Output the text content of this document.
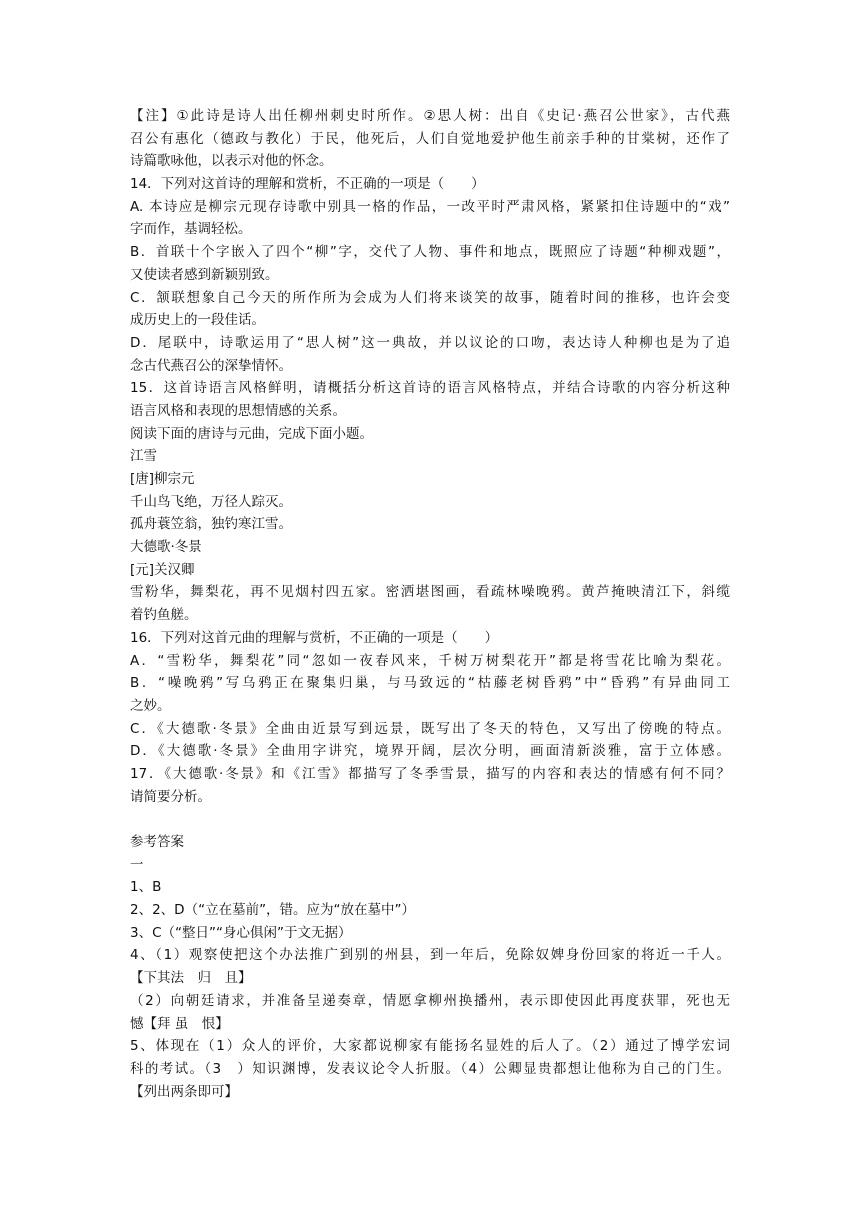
【注】①此诗是诗人出任柳州刺史时所作。②思人树：出自《史记·燕召公世家》，古代燕
召公有惠化（德政与教化）于民，他死后，人们自觉地爱护他生前亲手种的甘棠树，还作了
诗篇歌咏他，以表示对他的怀念。
14．下列对这首诗的理解和赏析，不正确的一项是（　　）
A. 本诗应是柳宗元现存诗歌中别具一格的作品，一改平时严肃风格，紧紧扣住诗题中的“戏”
字而作，基调轻松。
B．首联十个字嵌入了四个“柳”字，交代了人物、事件和地点，既照应了诗题“种柳戏题”，
又使读者感到新颖别致。
C．颔联想象自己今天的所作所为会成为人们将来谈笑的故事，随着时间的推移，也许会变
成历史上的一段佳话。
D．尾联中，诗歌运用了“思人树”这一典故，并以议论的口吻，表达诗人种柳也是为了追
念古代燕召公的深挚情怀。
15．这首诗语言风格鲜明，请概括分析这首诗的语言风格特点，并结合诗歌的内容分析这种
语言风格和表现的思想情感的关系。
阅读下面的唐诗与元曲，完成下面小题。
江雪
[唐]柳宗元
千山鸟飞绝，万径人踪灭。
孤舟蓑笠翁，独钓寒江雪。
大德歌·冬景
[元]关汉卿
雪粉华，舞梨花，再不见烟村四五家。密洒堪图画，看疏林噪晚鸦。黄芦掩映清江下，斜缆
着钓鱼艖。
16．下列对这首元曲的理解与赏析，不正确的一项是（　　）
A．“雪粉华，舞梨花”同“忽如一夜春风来，千树万树梨花开”都是将雪花比喻为梨花。
B．“噪晚鸦”写乌鸦正在聚集归巢，与马致远的“枯藤老树昏鸦”中“昏鸦”有异曲同工
之妙。
C．《大德歌·冬景》全曲由近景写到远景，既写出了冬天的特色，又写出了傍晚的特点。
D．《大德歌·冬景》全曲用字讲究，境界开阔，层次分明，画面清新淡雅，富于立体感。
17．《大德歌·冬景》和《江雪》都描写了冬季雪景，描写的内容和表达的情感有何不同？
请简要分析。
参考答案
一
1、B
2、2、D（“立在墓前”，错。应为“放在墓中”）
3、C（“整日”“身心俱闲”于文无据）
4、（1）观察使把这个办法推广到别的州县，到一年后，免除奴婢身份回家的将近一千人。
【下其法　归　且】
（2）向朝廷请求，并准备呈递奏章，情愿拿柳州换播州，表示即使因此再度获罪，死也无
憾【拜 虽　恨】
5、体现在（1）众人的评价，大家都说柳家有能扬名显姓的后人了。（2）通过了博学宏词
科的考试。（3　）知识渊博，发表议论令人折服。（4）公卿显贵都想让他称为自己的门生。
【列出两条即可】
